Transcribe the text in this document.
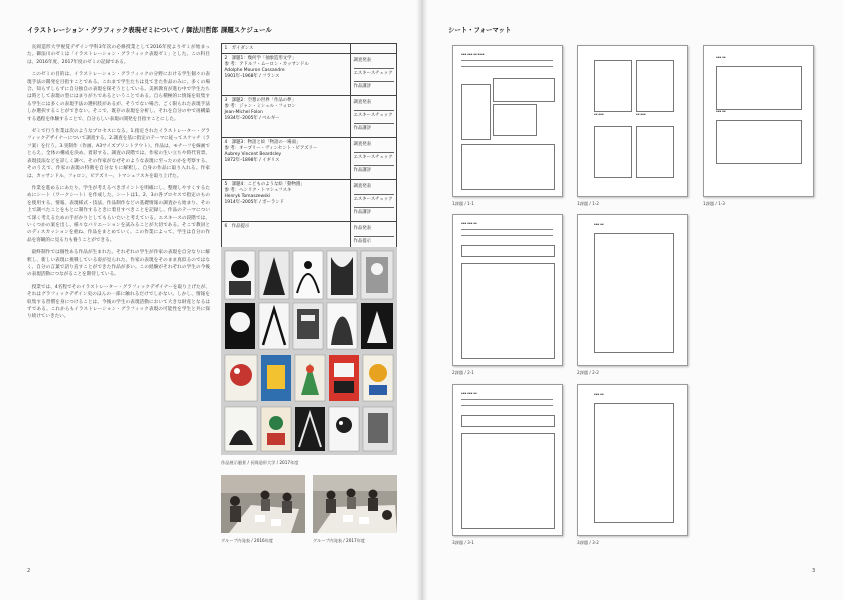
イラストレーション・グラフィック表現ゼミについて / 御法川哲郎

長岡造形大学視覚デザイン学科3年次の必修授業として2016年度よりゼミが始まった。御法川のゼミは「イラストレーション・グラフィック表現ゼミ」とした。この科目は、2016年度、2017年度のゼミの記録である。

このゼミの目的は、イラストレーション・グラフィックの分野における学生個々の表現手法の開発を目指すことである。これまで学生たちは見てきた作品のみに、多くの場合、知らずしらずに自分独自の表現を探そうとしている。美術教育が進む中で学生たちは時として表現の型にはまりがちであるということである。自ら積極的に情報を収集する学生には多くの表現手法の選択肢があるが、そうでない場合、ごく限られた表現手法しか選択することができない。そこで、既存の表現を分析し、それを自分の中で再構築する過程を体験することで、自分らしい表現の開発を目指すことにした。

ゼミで行う作業は次のようなプロセスになる。1.指定されたイラストレーター・グラフィックデザイナーについて調査する。2.調査を基に指定のテーマに従ってスケッチ（ラフ案）を行う。3.実制作（作画、A3サイズプリントアウト）。作品は、モチーフを線画でとらえ、全体の構成を決め、着彩する。調査の段階では、作家の生い立ちや時代背景、表現技法などを詳しく調べ、その作家がなぜそのような表現に至ったのかを考察する。そのうえで、作家の表現の特徴を自分なりに解釈し、自身の作品に取り入れる。作家は、カッサンドル、フォロン、ビアズリー、トマシェフスキを取り上げた。

作業を進めるにあたり、学生が考えるべきポイントを明確にし、整理しやすくするためにシート（ワークシート）を作成した。シートは1、2、3の各プロセスで指定のものを使用する。情報、表現様式・技法、作品制作などの基礎情報の調査から始まり、その上で調べたことをもとに制作するときに着目すべきことを記録し、作品のテーマについて深く考えるための手がかりとしてもらいたいと考えている。エスキースの段階では、いくつかの案を出し、様々なバリエーションを試みることが大切である。そこで教員とのディスカッションを重ね、作品をまとめていく。この作業によって、学生は自分の作品を客観的に見る力も養うことができる。

最終制作では個性ある作品が生まれた。それぞれの学生が作家の表現を自分なりに解釈し、新しい表現に挑戦している姿が見られた。作家の表現をそのまま真似るのではなく、自分の言葉で語り直すことができた作品が多い。この経験がそれぞれの学生の今後の表現活動につながることを期待している。

授業では、4名程でそのイラストレーター・グラフィックデザイナーを取り上げたが、それはグラフィックデザイン史のほんの一部に触れるだけでしかない。しかし、情報を収集する習慣を身につけることは、今後の学生の表現活動において大きな財産となるはずである。これからもイラストレーション・グラフィック表現の可能性を学生と共に探り続けていきたい。

課題スケジュール
1　 ガイダンス	
2　 課題1：幾何学「抽象造形文学」
参 考：アドルフ・ムーロン・カッサンドル
Adolphe Mouron Cassandre
1901年–1968年 / フランス	調査発表
エスキースチェック
作品講評

3　 課題2：空想の世界「作品の夢」
参 考：ジャン・ミシェル・フォロン
Jean-Michel Folon
1934年–2005年 / ベルギー	調査発表
エスキースチェック
作品講評

4　 課題3：物語と絵「物語の一場面」
参 考：オーブリー・ヴィンセント・ビアズリー
Aubrey Vincent Beardsley
1872年–1898年 / イギリス	調査発表
エスキースチェック
作品講評

5　 課題4：こどものような絵「動物園」
参 考：ヘンリク・トマシェフスキ
Henryk Tomaszewski
1914年–2005年 / ポーランド	調査発表
エスキースチェック
作品講評

6　 作品提示	作品発表
作品提示
作品展示風景 / 長岡造形大学 / 2017年度
グループ内発表 / 2016年度	グループ内発表 / 2017年度
2
シート・フォーマット
▪▪▪ ▪▪▪ ▪▪ ▪▪▪▪
1課題 / 1-1
▪▪ ▪▪▪	▪▪ ▪▪▪
1課題 / 1-2
▪▪▪ ▪▪
▪▪▪ ▪▪
1課題 / 1-3
▪▪▪ ▪▪▪ ▪▪
2課題 / 2-1
▪▪▪ ▪▪
2課題 / 2-2
▪▪▪ ▪▪▪ ▪▪
3課題 / 3-1
▪▪▪ ▪▪
3課題 / 3-2
3
